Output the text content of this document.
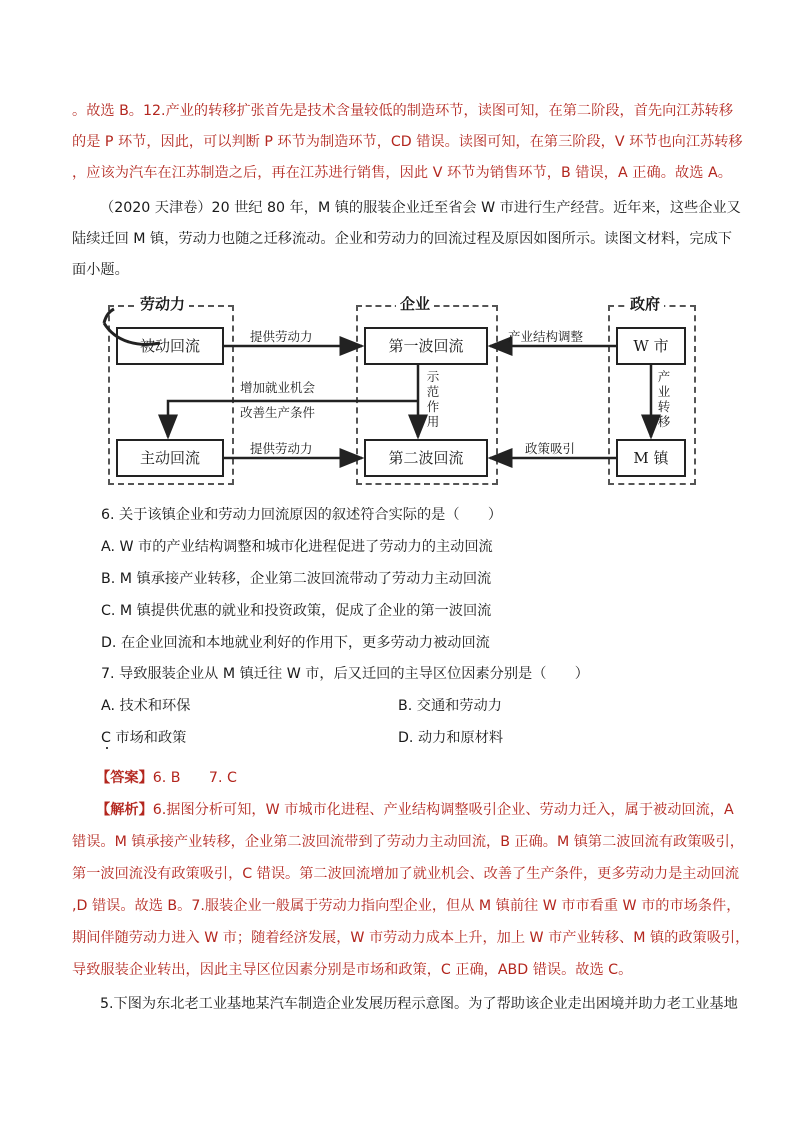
。故选 B。12.产业的转移扩张首先是技术含量较低的制造环节，读图可知，在第二阶段，首先向江苏转移
的是 P 环节，因此，可以判断 P 环节为制造环节，CD 错误。读图可知，在第三阶段，V 环节也向江苏转移
，应该为汽车在江苏制造之后，再在江苏进行销售，因此 V 环节为销售环节，B 错误，A 正确。故选 A。
（2020 天津卷）20 世纪 80 年，M 镇的服装企业迁至省会 W 市进行生产经营。近年来，这些企业又
陆续迁回 M 镇，劳动力也随之迁移流动。企业和劳动力的回流过程及原因如图所示。读图文材料，完成下
面小题。
劳动力	企业	政府
被动回流
主动回流
第一波回流
第二波回流
W 市
M 镇
提供劳动力
提供劳动力
产业结构调整
政策吸引
增加就业机会
改善生产条件
示
范
作
用
产
业
转
移
6. 关于该镇企业和劳动力回流原因的叙述符合实际的是（　　）
A. W 市的产业结构调整和城市化进程促进了劳动力的主动回流
B. M 镇承接产业转移，企业第二波回流带动了劳动力主动回流
C. M 镇提供优惠的就业和投资政策，促成了企业的第一波回流
D. 在企业回流和本地就业利好的作用下，更多劳动力被动回流
7. 导致服装企业从 M 镇迁往 W 市，后又迁回的主导区位因素分别是（　　）
A. 技术和环保	B. 交通和劳动力
C 市场和政策	D. 动力和原材料
【答案】6. B　　7. C
【解析】6.据图分析可知，W 市城市化进程、产业结构调整吸引企业、劳动力迁入，属于被动回流，A
错误。M 镇承接产业转移，企业第二波回流带到了劳动力主动回流，B 正确。M 镇第二波回流有政策吸引，
第一波回流没有政策吸引，C 错误。第二波回流增加了就业机会、改善了生产条件，更多劳动力是主动回流
,D 错误。故选 B。7.服装企业一般属于劳动力指向型企业，但从 M 镇前往 W 市市看重 W 市的市场条件，
期间伴随劳动力进入 W 市；随着经济发展，W 市劳动力成本上升，加上 W 市产业转移、M 镇的政策吸引，
导致服装企业转出，因此主导区位因素分别是市场和政策，C 正确，ABD 错误。故选 C。
5.下图为东北老工业基地某汽车制造企业发展历程示意图。为了帮助该企业走出困境并助力老工业基地
